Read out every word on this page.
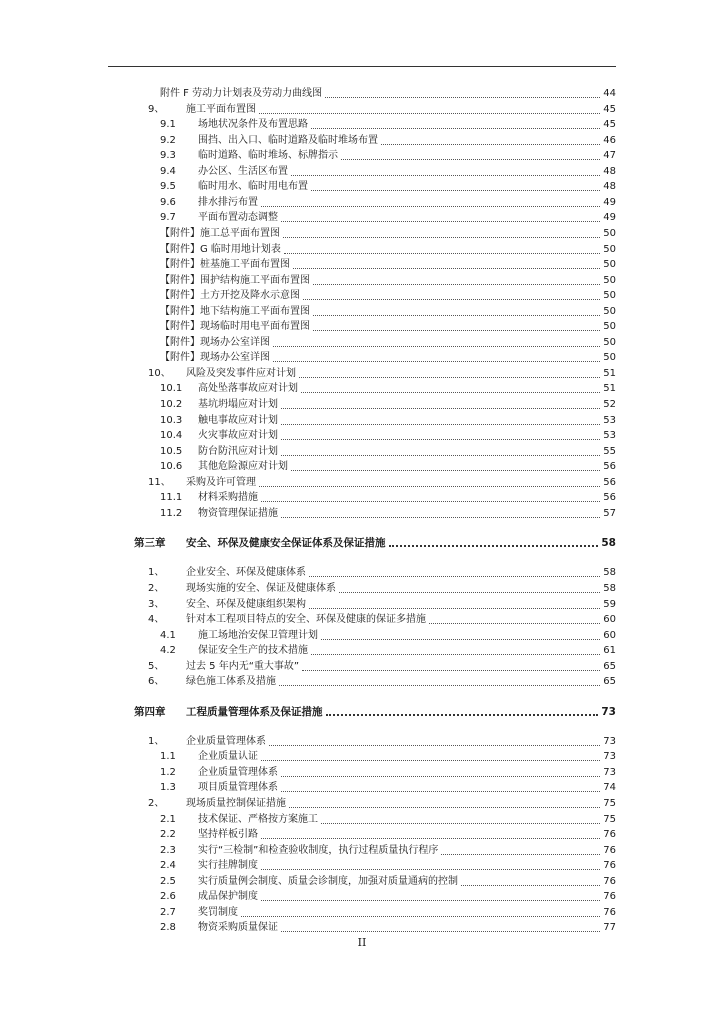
附件 F 劳动力计划表及劳动力曲线图	44
9、 施工平面布置图	45
9.1 场地状况条件及布置思路	45
9.2 围挡、出入口、临时道路及临时堆场布置	46
9.3 临时道路、临时堆场、标牌指示	47
9.4 办公区、生活区布置	48
9.5 临时用水、临时用电布置	48
9.6 排水排污布置	49
9.7 平面布置动态调整	49
【附件】施工总平面布置图	50
【附件】G 临时用地计划表	50
【附件】桩基施工平面布置图	50
【附件】围护结构施工平面布置图	50
【附件】土方开挖及降水示意图	50
【附件】地下结构施工平面布置图	50
【附件】现场临时用电平面布置图	50
【附件】现场办公室详图	50
【附件】现场办公室详图	50
10、 风险及突发事件应对计划	51
10.1 高处坠落事故应对计划	51
10.2 基坑坍塌应对计划	52
10.3 触电事故应对计划	53
10.4 火灾事故应对计划	53
10.5 防台防汛应对计划	55
10.6 其他危险源应对计划	56
11、 采购及许可管理	56
11.1 材料采购措施	56
11.2 物资管理保证措施	57
第三章 安全、环保及健康安全保证体系及保证措施	58
1、 企业安全、环保及健康体系	58
2、 现场实施的安全、保证及健康体系	58
3、 安全、环保及健康组织架构	59
4、 针对本工程项目特点的安全、环保及健康的保证多措施	60
4.1 施工场地治安保卫管理计划	60
4.2 保证安全生产的技术措施	61
5、 过去 5 年内无“重大事故”	65
6、 绿色施工体系及措施	65
第四章 工程质量管理体系及保证措施	73
1、 企业质量管理体系	73
1.1 企业质量认证	73
1.2 企业质量管理体系	73
1.3 项目质量管理体系	74
2、 现场质量控制保证措施	75
2.1 技术保证、严格按方案施工	75
2.2 坚持样板引路	76
2.3 实行“三检制”和检查验收制度，执行过程质量执行程序	76
2.4 实行挂牌制度	76
2.5 实行质量例会制度、质量会诊制度，加强对质量通病的控制	76
2.6 成品保护制度	76
2.7 奖罚制度	76
2.8 物资采购质量保证	77
II
